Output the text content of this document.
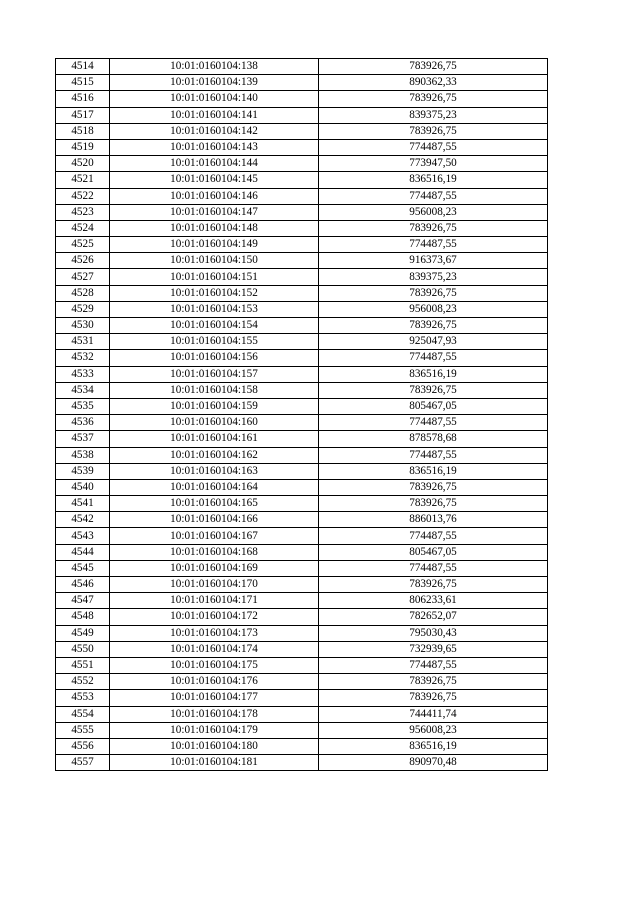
4514	10:01:0160104:138	783926,75
4515	10:01:0160104:139	890362,33
4516	10:01:0160104:140	783926,75
4517	10:01:0160104:141	839375,23
4518	10:01:0160104:142	783926,75
4519	10:01:0160104:143	774487,55
4520	10:01:0160104:144	773947,50
4521	10:01:0160104:145	836516,19
4522	10:01:0160104:146	774487,55
4523	10:01:0160104:147	956008,23
4524	10:01:0160104:148	783926,75
4525	10:01:0160104:149	774487,55
4526	10:01:0160104:150	916373,67
4527	10:01:0160104:151	839375,23
4528	10:01:0160104:152	783926,75
4529	10:01:0160104:153	956008,23
4530	10:01:0160104:154	783926,75
4531	10:01:0160104:155	925047,93
4532	10:01:0160104:156	774487,55
4533	10:01:0160104:157	836516,19
4534	10:01:0160104:158	783926,75
4535	10:01:0160104:159	805467,05
4536	10:01:0160104:160	774487,55
4537	10:01:0160104:161	878578,68
4538	10:01:0160104:162	774487,55
4539	10:01:0160104:163	836516,19
4540	10:01:0160104:164	783926,75
4541	10:01:0160104:165	783926,75
4542	10:01:0160104:166	886013,76
4543	10:01:0160104:167	774487,55
4544	10:01:0160104:168	805467,05
4545	10:01:0160104:169	774487,55
4546	10:01:0160104:170	783926,75
4547	10:01:0160104:171	806233,61
4548	10:01:0160104:172	782652,07
4549	10:01:0160104:173	795030,43
4550	10:01:0160104:174	732939,65
4551	10:01:0160104:175	774487,55
4552	10:01:0160104:176	783926,75
4553	10:01:0160104:177	783926,75
4554	10:01:0160104:178	744411,74
4555	10:01:0160104:179	956008,23
4556	10:01:0160104:180	836516,19
4557	10:01:0160104:181	890970,48
